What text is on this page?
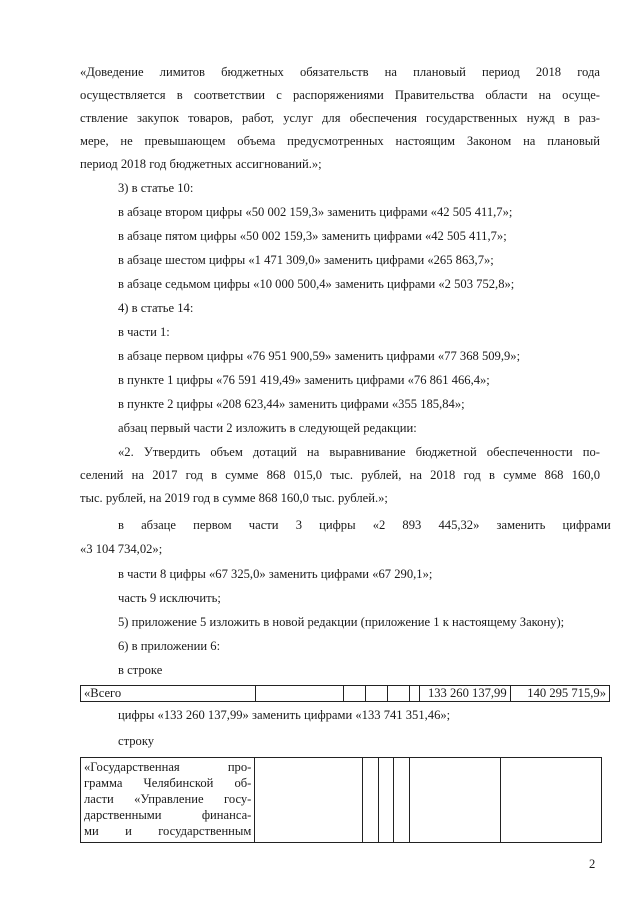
«Доведение лимитов бюджетных обязательств на плановый период 2018 года
осуществляется в соответствии с распоряжениями Правительства области на осуще-
ствление закупок товаров, работ, услуг для обеспечения государственных нужд в раз-
мере, не превышающем объема предусмотренных настоящим Законом на плановый
период 2018 год бюджетных ассигнований.»;
3) в статье 10:
в абзаце втором цифры «50 002 159,3» заменить цифрами «42 505 411,7»;
в абзаце пятом цифры «50 002 159,3» заменить цифрами «42 505 411,7»;
в абзаце шестом цифры «1 471 309,0» заменить цифрами «265 863,7»;
в абзаце седьмом цифры «10 000 500,4» заменить цифрами «2 503 752,8»;
4) в статье 14:
в части 1:
в абзаце первом цифры «76 951 900,59» заменить цифрами «77 368 509,9»;
в пункте 1 цифры «76 591 419,49» заменить цифрами «76 861 466,4»;
в пункте 2 цифры «208 623,44» заменить цифрами «355 185,84»;
абзац первый части 2 изложить в следующей редакции:
«2. Утвердить объем дотаций на выравнивание бюджетной обеспеченности по-
селений на 2017 год в сумме 868 015,0 тыс. рублей, на 2018 год в сумме 868 160,0
тыс. рублей, на 2019 год в сумме 868 160,0 тыс. рублей.»;
в абзаце первом части 3 цифры «2 893 445,32» заменить цифрами
«3 104 734,02»;
в части 8 цифры «67 325,0» заменить цифрами «67 290,1»;
часть 9 исключить;
5) приложение 5 изложить в новой редакции (приложение 1 к настоящему Закону);
6) в приложении 6:
в строке
«Всего						133 260 137,99	140 295 715,9»
цифры «133 260 137,99» заменить цифрами «133 741 351,46»;
строку
«Государственная про-
грамма Челябинской об-
ласти «Управление госу-
дарственными финанса-
ми и государственным

2
